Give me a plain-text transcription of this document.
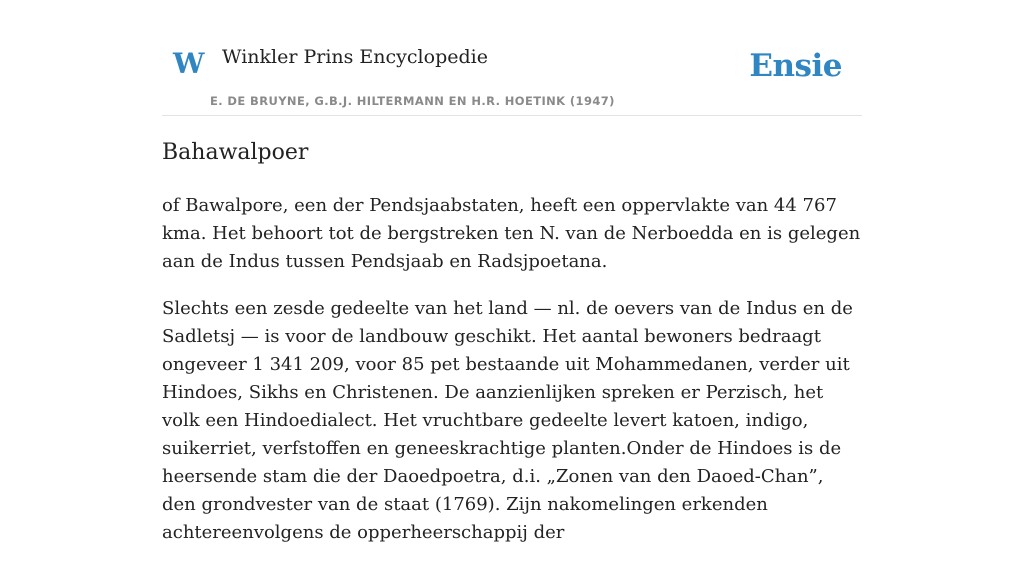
W Winkler Prins Encyclopedie
E. DE BRUYNE, G.B.J. HILTERMANN EN H.R. HOETINK (1947)
Ensie
Bahawalpoer

of Bawalpore, een der Pendsjaabstaten, heeft een oppervlakte van 44 767 kma. Het behoort tot de bergstreken ten N. van de Nerboedda en is gelegen aan de Indus tussen Pendsjaab en Radsjpoetana.

Slechts een zesde gedeelte van het land — nl. de oevers van de Indus en de Sadletsj — is voor de landbouw geschikt. Het aantal bewoners bedraagt ongeveer 1 341 209, voor 85 pet bestaande uit Mohammedanen, verder uit Hindoes, Sikhs en Christenen. De aanzienlijken spreken er Perzisch, het volk een Hindoedialect. Het vruchtbare gedeelte levert katoen, indigo, suikerriet, verfstoffen en geneeskrachtige planten.Onder de Hindoes is de heersende stam die der Daoedpoetra, d.i. „Zonen van den Daoed-Chan”, den grondvester van de staat (1769). Zijn nakomelingen erkenden achtereenvolgens de opperheerschappij der
